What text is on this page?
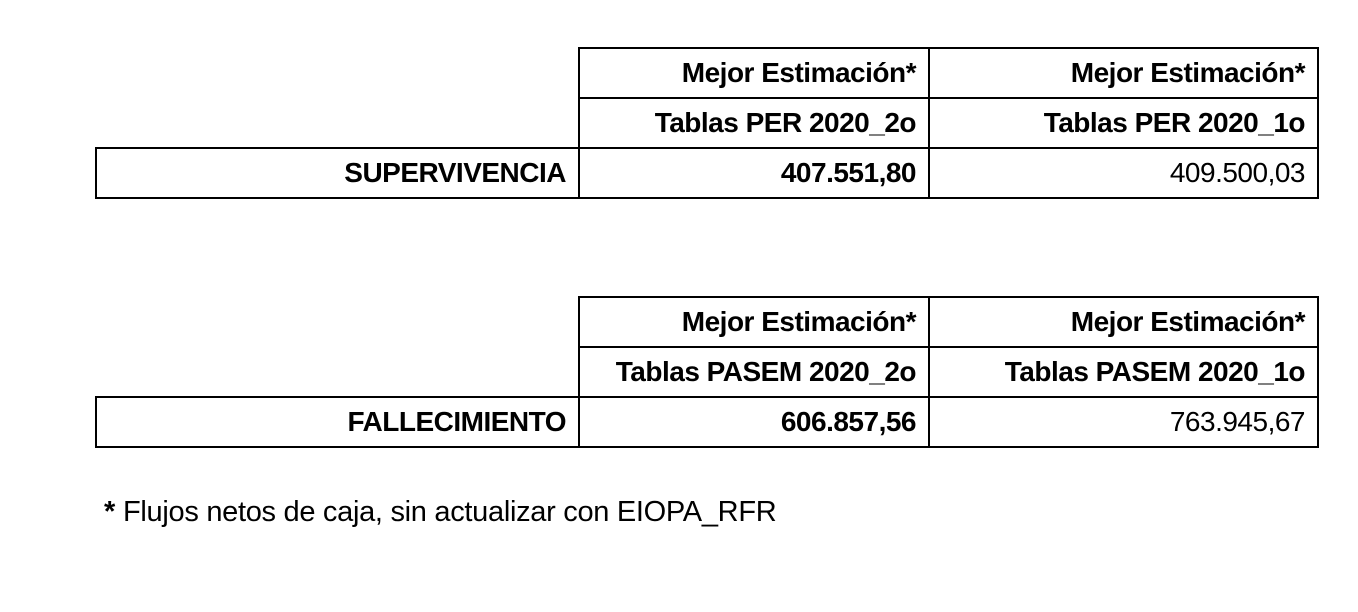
	Mejor Estimación*	Mejor Estimación*
	Tablas PER 2020_2o	Tablas PER 2020_1o
SUPERVIVENCIA	407.551,80	409.500,03
	Mejor Estimación*	Mejor Estimación*
	Tablas PASEM 2020_2o	Tablas PASEM 2020_1o
FALLECIMIENTO	606.857,56	763.945,67
* Flujos netos de caja, sin actualizar con EIOPA_RFR
